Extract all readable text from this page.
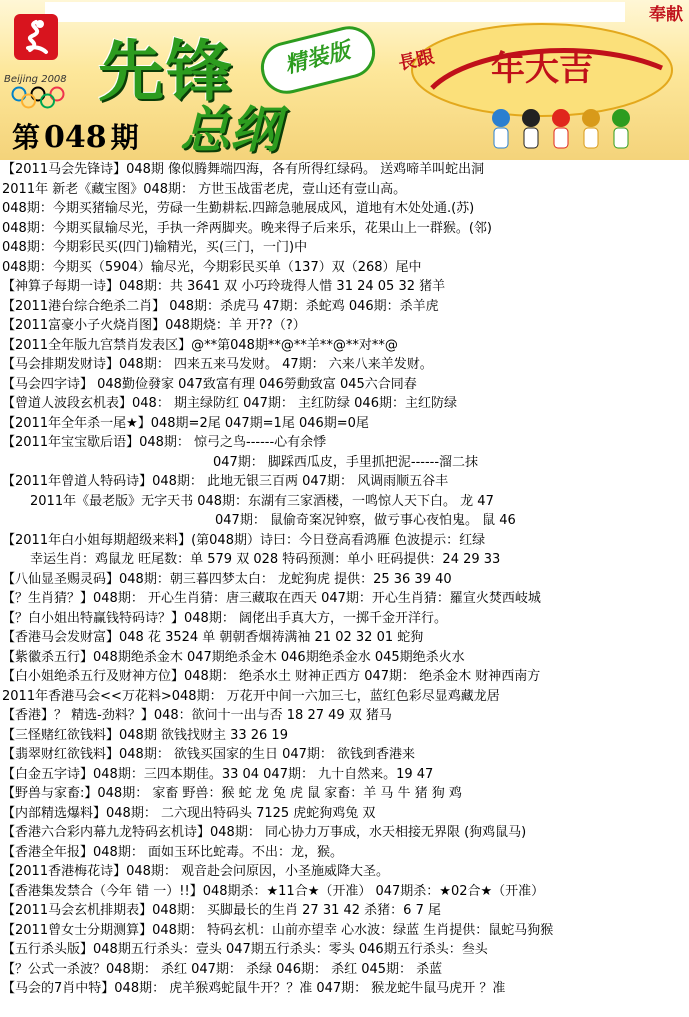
奉献
Beijing 2008 先锋	精装版
总纲
第 048 期
年大吉
長跟
【2011马会先锋诗】048期 像似腾舞端四海，各有所得红绿码。 送鸡啼羊叫蛇出洞
2011年 新老《藏宝图》048期： 方世玉战雷老虎，壹山还有壹山高。
048期：今期买猪输尽光，劳碌一生勤耕耘.四蹄急驰展成风，道地有木处处通.(苏)
048期：今期买鼠输尽光，手执一斧两脚夹。晚来得子后来乐，花果山上一群猴。(邻)
048期：今期彩民买(四门)输精光，买(三门，一门)中
048期：今期买（5904）输尽光，今期彩民买单（137）双（268）尾中
【神算子每期一诗】048期：共 3641 双 小巧玲珑得人惜 31 24 05 32 猪羊
【2011港台综合绝杀二肖】 048期：杀虎马 47期：杀蛇鸡 046期：杀羊虎
【2011富豪小子火烧肖图】048期烧：羊 开??（?）
【2011全年版九宫禁肖发表区】@**第048期**@**羊**@**对**@
【马会排期发财诗】048期： 四来五来马发财。 47期： 六来八来羊发财。
【马会四字诗】 048勤俭發家 047致富有理 046勞動致富 045六合同春
【曾道人波段玄机表】048： 期主绿防红 047期： 主红防绿 046期：主红防绿
【2011年全年杀一尾★】048期=2尾 047期=1尾 046期=0尾
【2011年宝宝歇后语】048期： 惊弓之鸟------心有余悸
047期： 脚踩西瓜皮，手里抓把泥------溜二抹
【2011年曾道人特码诗】048期： 此地无银三百两 047期： 风调雨顺五谷丰
2011年《最老版》无字天书 048期：东湖有三家酒楼，一鸣惊人天下白。 龙 47
047期： 鼠偷奇案况钟察，做亏事心夜怕鬼。 鼠 46
【2011年白小姐每期超级来料】(第048期）诗曰：今日登高看鸿雁 色波提示：红绿
幸运生肖：鸡鼠龙 旺尾数：单 579 双 028 特码预测：单小 旺码提供：24 29 33
【八仙显圣赐灵码】048期：朝三暮四梦太白： 龙蛇狗虎 提供：25 36 39 40
【？生肖猜？】048期： 开心生肖猜：唐三藏取在西天 047期：开心生肖猜：羅宣火焚西岐城
【？白小姐出特赢钱特码诗？】048期： 阔佬出手真大方，一掷千金开洋行。
【香港马会发财富】048 花 3524 单 朝朝香烟祷满袖 21 02 32 01 蛇狗
【紫徽杀五行】048期绝杀金木 047期绝杀金木 046期绝杀金水 045期绝杀火水
【白小姐绝杀五行及财神方位】048期： 绝杀水土 财神正西方 047期： 绝杀金木 财神西南方
2011年香港马会<<万花料>048期： 万花开中间一六加三七，蓝红色彩尽显鸡藏龙居
【香港】？ 精选-劲料？】048：欲问十一出与否 18 27 49 双 猪马
【三怪赌红欲钱料】048期 欲钱找财主 33 26 19
【翡翠财红欲钱料】048期： 欲钱买国家的生日 047期： 欲钱到香港来
【白金五字诗】048期：三四本期佳。33 04 047期： 九十自然来。19 47
【野兽与家畜:】048期： 家畜 野兽：猴 蛇 龙 兔 虎 鼠 家畜：羊 马 牛 猪 狗 鸡
【内部精选爆料】048期： 二六现出特码头 7125 虎蛇狗鸡兔 双
【香港六合彩内幕九龙特码玄机诗】048期： 同心协力万事成，水天相接无界限 (狗鸡鼠马)
【香港全年报】048期： 面如玉环比蛇毒。不出：龙，猴。
【2011香港梅花诗】048期： 观音赴会问原因，小圣施威降大圣。
【香港集发禁合（今年 错 一）!!】048期杀：★11合★（开准） 047期杀：★02合★（开准）
【2011马会玄机排期表】048期： 买脚最长的生肖 27 31 42 杀猪：6 7 尾
【2011曾女士分期测算】048期： 特码玄机：山前亦望幸 心水波：绿蓝 生肖提供：鼠蛇马狗猴
【五行杀头版】048期五行杀头：壹头 047期五行杀头：零头 046期五行杀头：叁头
【？公式一杀波？048期： 杀红 047期： 杀绿 046期： 杀红 045期： 杀蓝
【马会的7肖中特】048期： 虎羊猴鸡蛇鼠牛开？？准 047期： 猴龙蛇牛鼠马虎开 ？准
